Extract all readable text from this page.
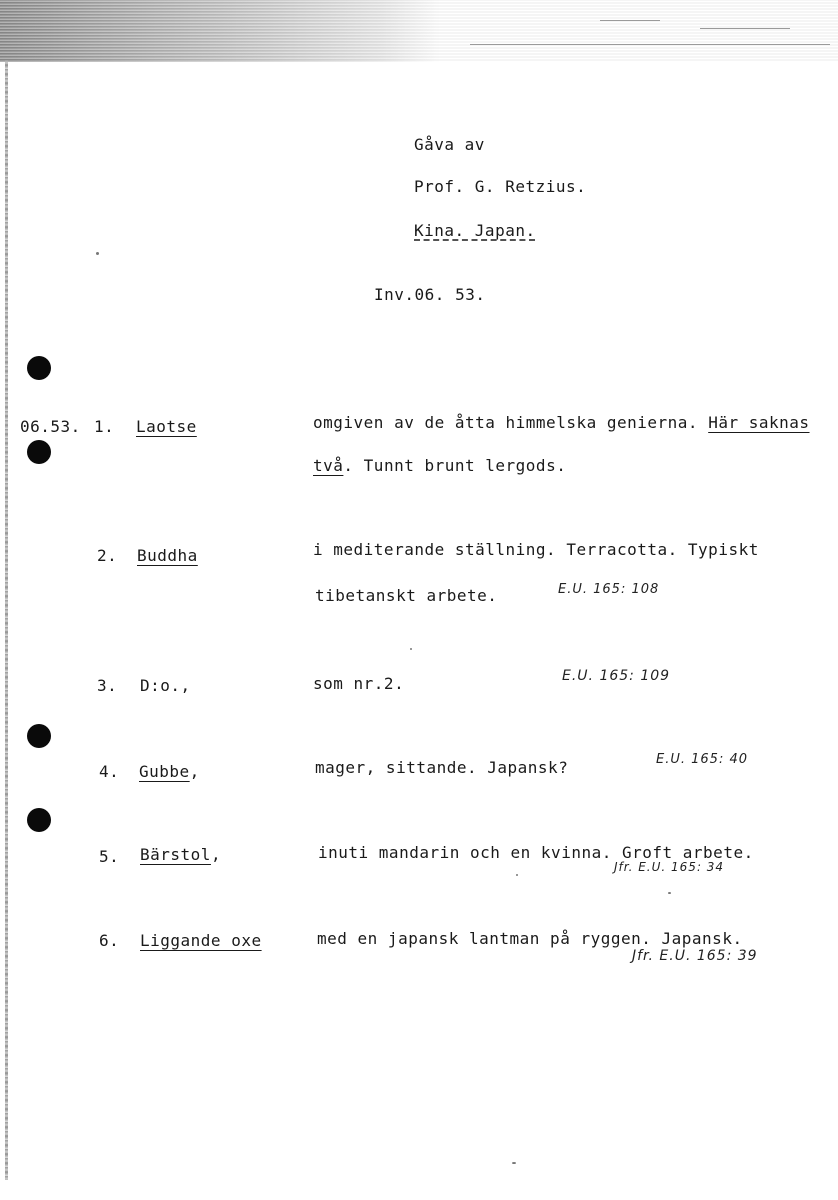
Gåva av
Prof. G. Retzius.
Kina. Japan.
Inv.06. 53.
06.53. 1. Laotse	omgiven av de åtta himmelska genierna. Här saknas
två. Tunnt brunt lergods.
2. Buddha	i mediterande ställning. Terracotta. Typiskt
tibetanskt arbete.	E.U. 165: 108
3. D:o.,	som nr.2.	E.U. 165: 109
4. Gubbe,	mager, sittande. Japansk?	E.U. 165: 40
5. Bärstol,	inuti mandarin och en kvinna. Groft arbete.
Jfr. E.U. 165: 34
6. Liggande oxe	med en japansk lantman på ryggen. Japansk.
Jfr. E.U. 165: 39
